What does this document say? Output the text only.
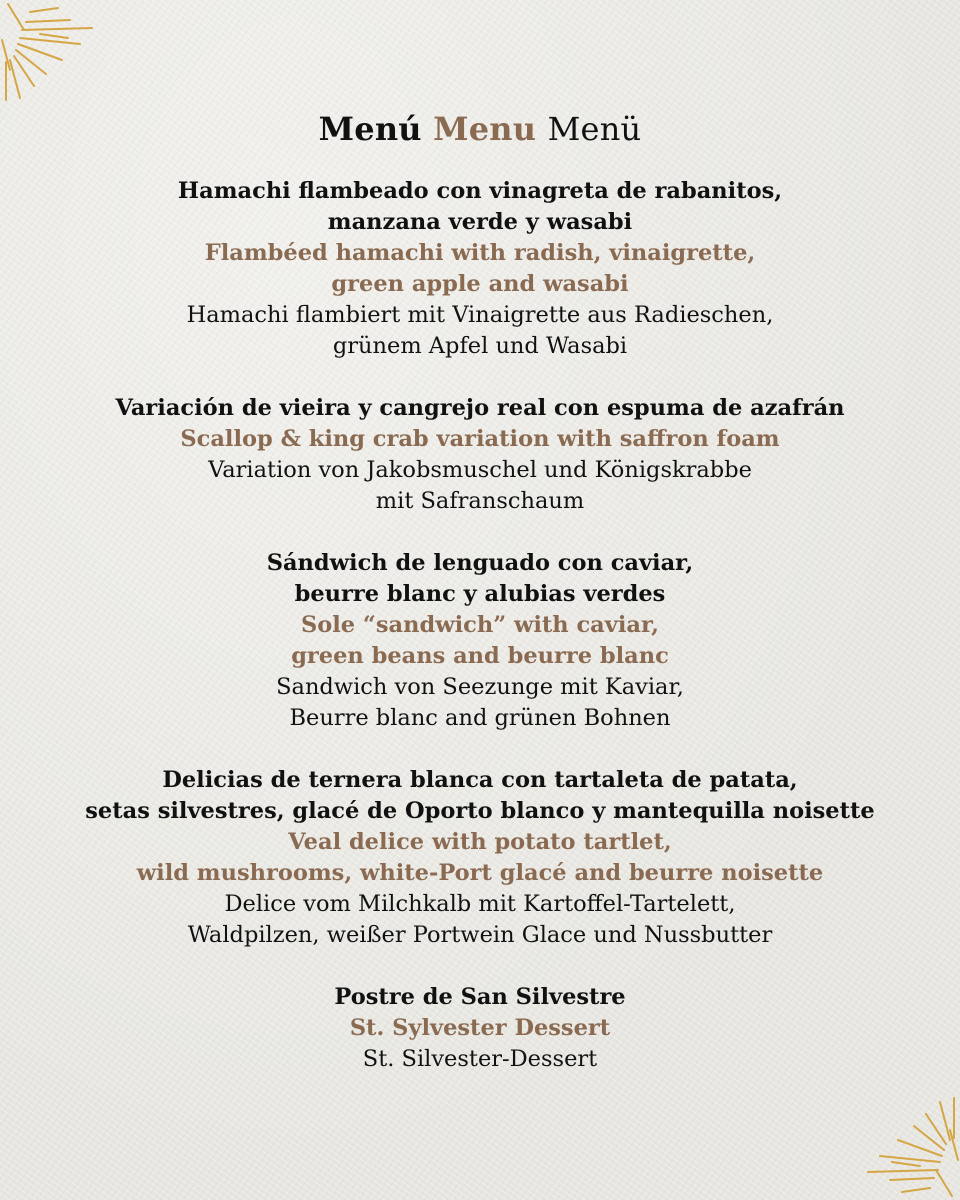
Menú Menu Menü
Hamachi flambeado con vinagreta de rabanitos,
manzana verde y wasabi
Flambéed hamachi with radish, vinaigrette,
green apple and wasabi
Hamachi flambiert mit Vinaigrette aus Radieschen,
grünem Apfel und Wasabi
Variación de vieira y cangrejo real con espuma de azafrán
Scallop & king crab variation with saffron foam
Variation von Jakobsmuschel und Königskrabbe
mit Safranschaum
Sándwich de lenguado con caviar,
beurre blanc y alubias verdes
Sole “sandwich” with caviar,
green beans and beurre blanc
Sandwich von Seezunge mit Kaviar,
Beurre blanc and grünen Bohnen
Delicias de ternera blanca con tartaleta de patata,
setas silvestres, glacé de Oporto blanco y mantequilla noisette
Veal delice with potato tartlet,
wild mushrooms, white-Port glacé and beurre noisette
Delice vom Milchkalb mit Kartoffel-Tartelett,
Waldpilzen, weißer Portwein Glace und Nussbutter
Postre de San Silvestre
St. Sylvester Dessert
St. Silvester-Dessert
